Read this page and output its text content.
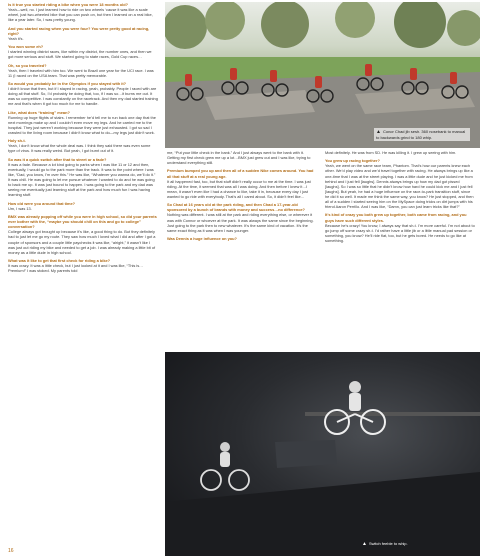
Is it true you started riding a bike when you were 18 months old?
Yeah—well, no. I just learned how to ride on two wheels ‘cause it was like a scale wheel, just two-wheeled bike that you can push on, but then I learned on a real bike, like a year later. So, I was pretty young.
And you started racing when you were four? You were pretty good at racing, right?
Yeah it’s.
You won some eh?
I started winning district races, like within my district, the number ones, and then we got more serious and stuff. We started going to state races, Gold Cup races…
Oh, so you traveled?
Yeah, then I traveled with him too. We went to Brazil one year for the UCI race. I was 11 (I raced on the USA team. That was pretty memorable.
So would you probably be in the Olympics if you stayed with it?
I didn’t know that then, but if I stayed in racing, yeah, probably. People I raced with are doing all that stuff. So, I’d probably be doing that, too, if I was so…it burns me out. It was so competitive. I was constantly on the racetrack. And then my dad started training me and that’s when it got too much for me to handle.
Like, what does “training” mean?
Running up huge flights of stairs. I remember he’d tell me to run back one day that the next mornings make up and I couldn’t even move my legs. And he carried me to the hospital. They just weren’t working because they were just exhausted. I got so sad I crawled to the living room because I didn’t know what to do—my legs just didn’t work.
Holy sh-t.
Yeah, I don’t know what the whole deal was. I think they said there was even some type of virus. It was really weird. But yeah, I got burnt out of it.
So was it a quick switch after that to street or a fade?
It was a fade. Because a lot kind going to parks when I was like 11 or 12 and then, eventually, I would go to the park more than the track. It was to the point where I was like, “Dad, you know, I’m over this.” He was like, “Whatever you wanna do, we’ll do it.” It was chill. He was going to let me pursue whatever I wanted to do and he was going to back me up. It was just bound to happen. I was going to the park and my dad was seeing me eventually just learning stuff at the park and how much fun I was having learning stuff.
How old were you around that time?
Um, I was 13.
BMX was already popping off while you were in high school, so did your parents ever bother with the, “maybe you should chill on this and go to college” conversation?
College always got brought up because it’s like, a good thing to do. But they definitely had to just let me go my route. They saw how much I loved what I did and after I got a couple of sponsors and a couple little paychecks it was like, “alright,” it wasn’t like I was just out riding my bike and needed to get a job. I was already making a little bit of money as a little dude in high school.
What was it like to get that first check for riding a bike?
It was crazy. It was a little check, but I just looked at it and I was like, “This is…Premium!” I was stoked. My parents told
▲ Conor Chad jib sesh. 360 nosebank to manual to backwards grind to 180 whip.
me, “Put your little check in the bank.” And I just always went to the bank with it. Getting my first check grew me up a lot…BMX just grew out and I was like, trying to understand everything still.
Premium bumped you up and then all of a sudden Nike comes around. You had all that stuff at a real young age.
It all happened fast, too, but that stuff didn’t really occur to me at the time. I was just riding. At the time, it seemed that was all I was doing. And then before I knew it…I mean, it wasn’t even like I had a chance to like, take it in, because every day I just wanted to go ride with everybody. That’s all I cared about. So, it didn’t feel like…
So Chad at 16 years old at the park riding, and then Chad a 17-year-old sponsored by a bunch of brands with money and success…no difference?
Nothing was different. I was still at the park and riding everything else, or wherever it was with Connor or whoever at the park. It was always the same since the beginning. Just going to the park then to new whatever. It’s the same kind of vacation. It’s the same exact thing as it was when I was younger.
Was Dennis a huge influence on you?
Most definitely. He was from SD. He was killing it. I grew up seeing with him.
You grew up racing together?
Yeah, we went on the same race team, Phantom. That’s how our parents knew each other. We’d play video and we’d travel together with racing. He always brings up like a one-time that I was at the street playing. I was a little dude and he just kicked me from behind and I just fell [laughs]. Dennis always brings up how my dad got pissed [laughs]. So I was so little that he didn’t know how hard he could kick me and I just fell [laughs]. But yeah, he had a huge influence on the race-to-park transition stuff, since he did it so well. It made me think the same way, you know? He just stopped, and then all of a sudden I started seeing him on the MySpace doing tricks on dirt jumps with his friend Aaron Perrillo. And I was like, “Damn, you can just learn tricks like that?”
It’s kind of crazy you both grew up together, both came from racing, and you guys have such different styles.
Because he’s crazy! You know, I always say that sh-t. I’m more careful. I’m not about to go jump off some crazy sh-t. I’d rather have a little jib or a little manual pad session or something, you know? He’ll ride flat, too, but he gets bored. He needs to go like at something.
▲ Switch feeble to whip.
16
